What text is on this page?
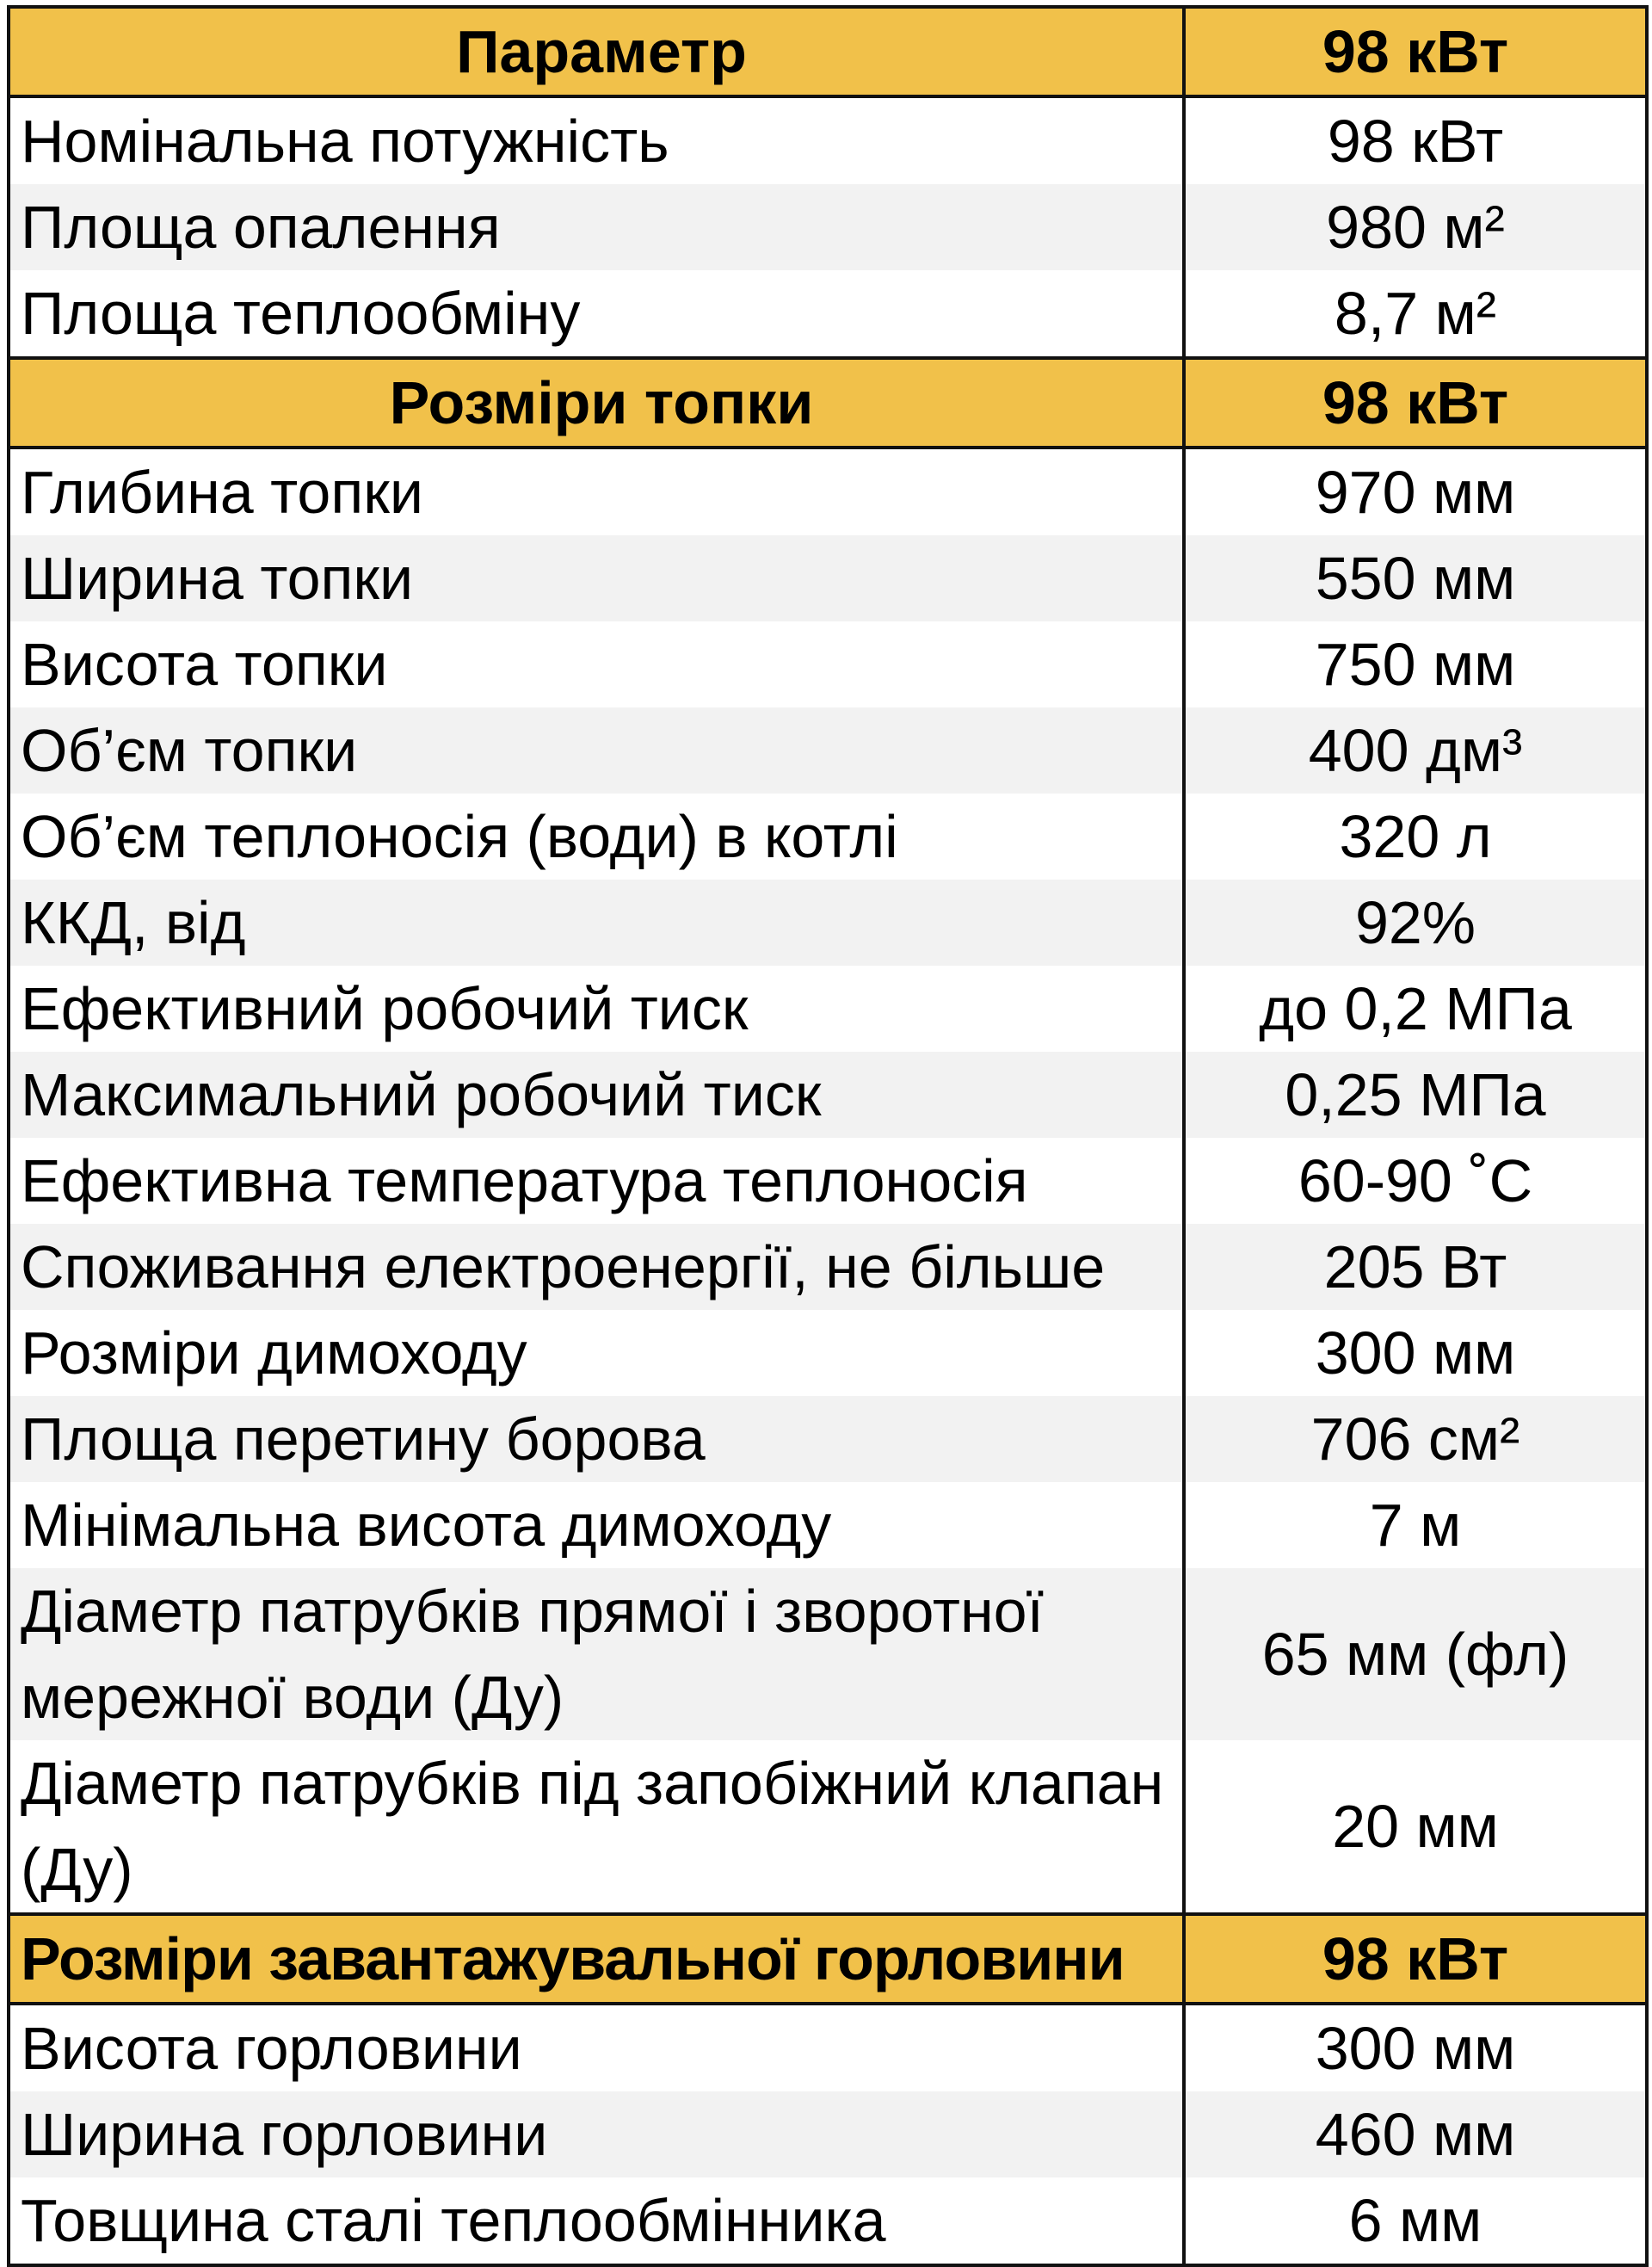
Параметр	98 кВт
Номінальна потужність	98 кВт
Площа опалення	980 м²
Площа теплообміну	8,7 м²
Розміри топки	98 кВт
Глибина топки	970 мм
Ширина топки	550 мм
Висота топки	750 мм
Об’єм топки	400 дм³
Об’єм теплоносія (води) в котлі	320 л
ККД, від	92%
Ефективний робочий тиск	до 0,2 МПа
Максимальний робочий тиск	0,25 МПа
Ефективна температура теплоносія	60-90 ˚С
Споживання електроенергії, не більше	205 Вт
Розміри димоходу	300 мм
Площа перетину борова	706 см²
Мінімальна висота димоходу	7 м
Діаметр патрубків прямої і зворотної мережної води (Ду)	65 мм (фл)
Діаметр патрубків під запобіжний клапан (Ду)	20 мм
Розміри завантажувальної горловини	98 кВт
Висота горловини	300 мм
Ширина горловини	460 мм
Товщина сталі теплообмінника	6 мм
